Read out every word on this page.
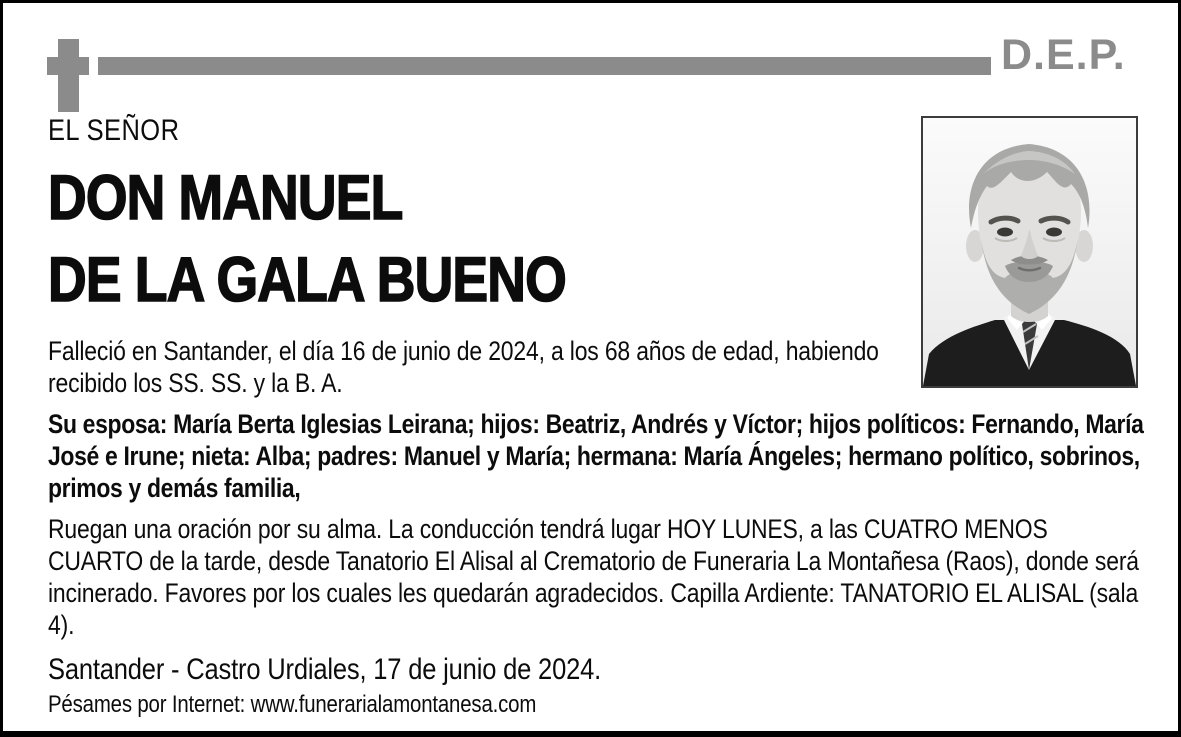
D.E.P.

EL SEÑOR

DON MANUEL
DE LA GALA BUENO

Falleció en Santander, el día 16 de junio de 2024, a los 68 años de edad, habiendo recibido los SS. SS. y la B. A.

Su esposa: María Berta Iglesias Leirana; hijos: Beatriz, Andrés y Víctor; hijos políticos: Fernando, María José e Irune; nieta: Alba; padres: Manuel y María; hermana: María Ángeles; hermano político, sobrinos, primos y demás familia,

Ruegan una oración por su alma. La conducción tendrá lugar HOY LUNES, a las CUATRO MENOS CUARTO de la tarde, desde Tanatorio El Alisal al Crematorio de Funeraria La Montañesa (Raos), donde será incinerado. Favores por los cuales les quedarán agradecidos. Capilla Ardiente: TANATORIO EL ALISAL (sala 4).

Santander - Castro Urdiales, 17 de junio de 2024.

Pésames por Internet: www.funerarialamontanesa.com
